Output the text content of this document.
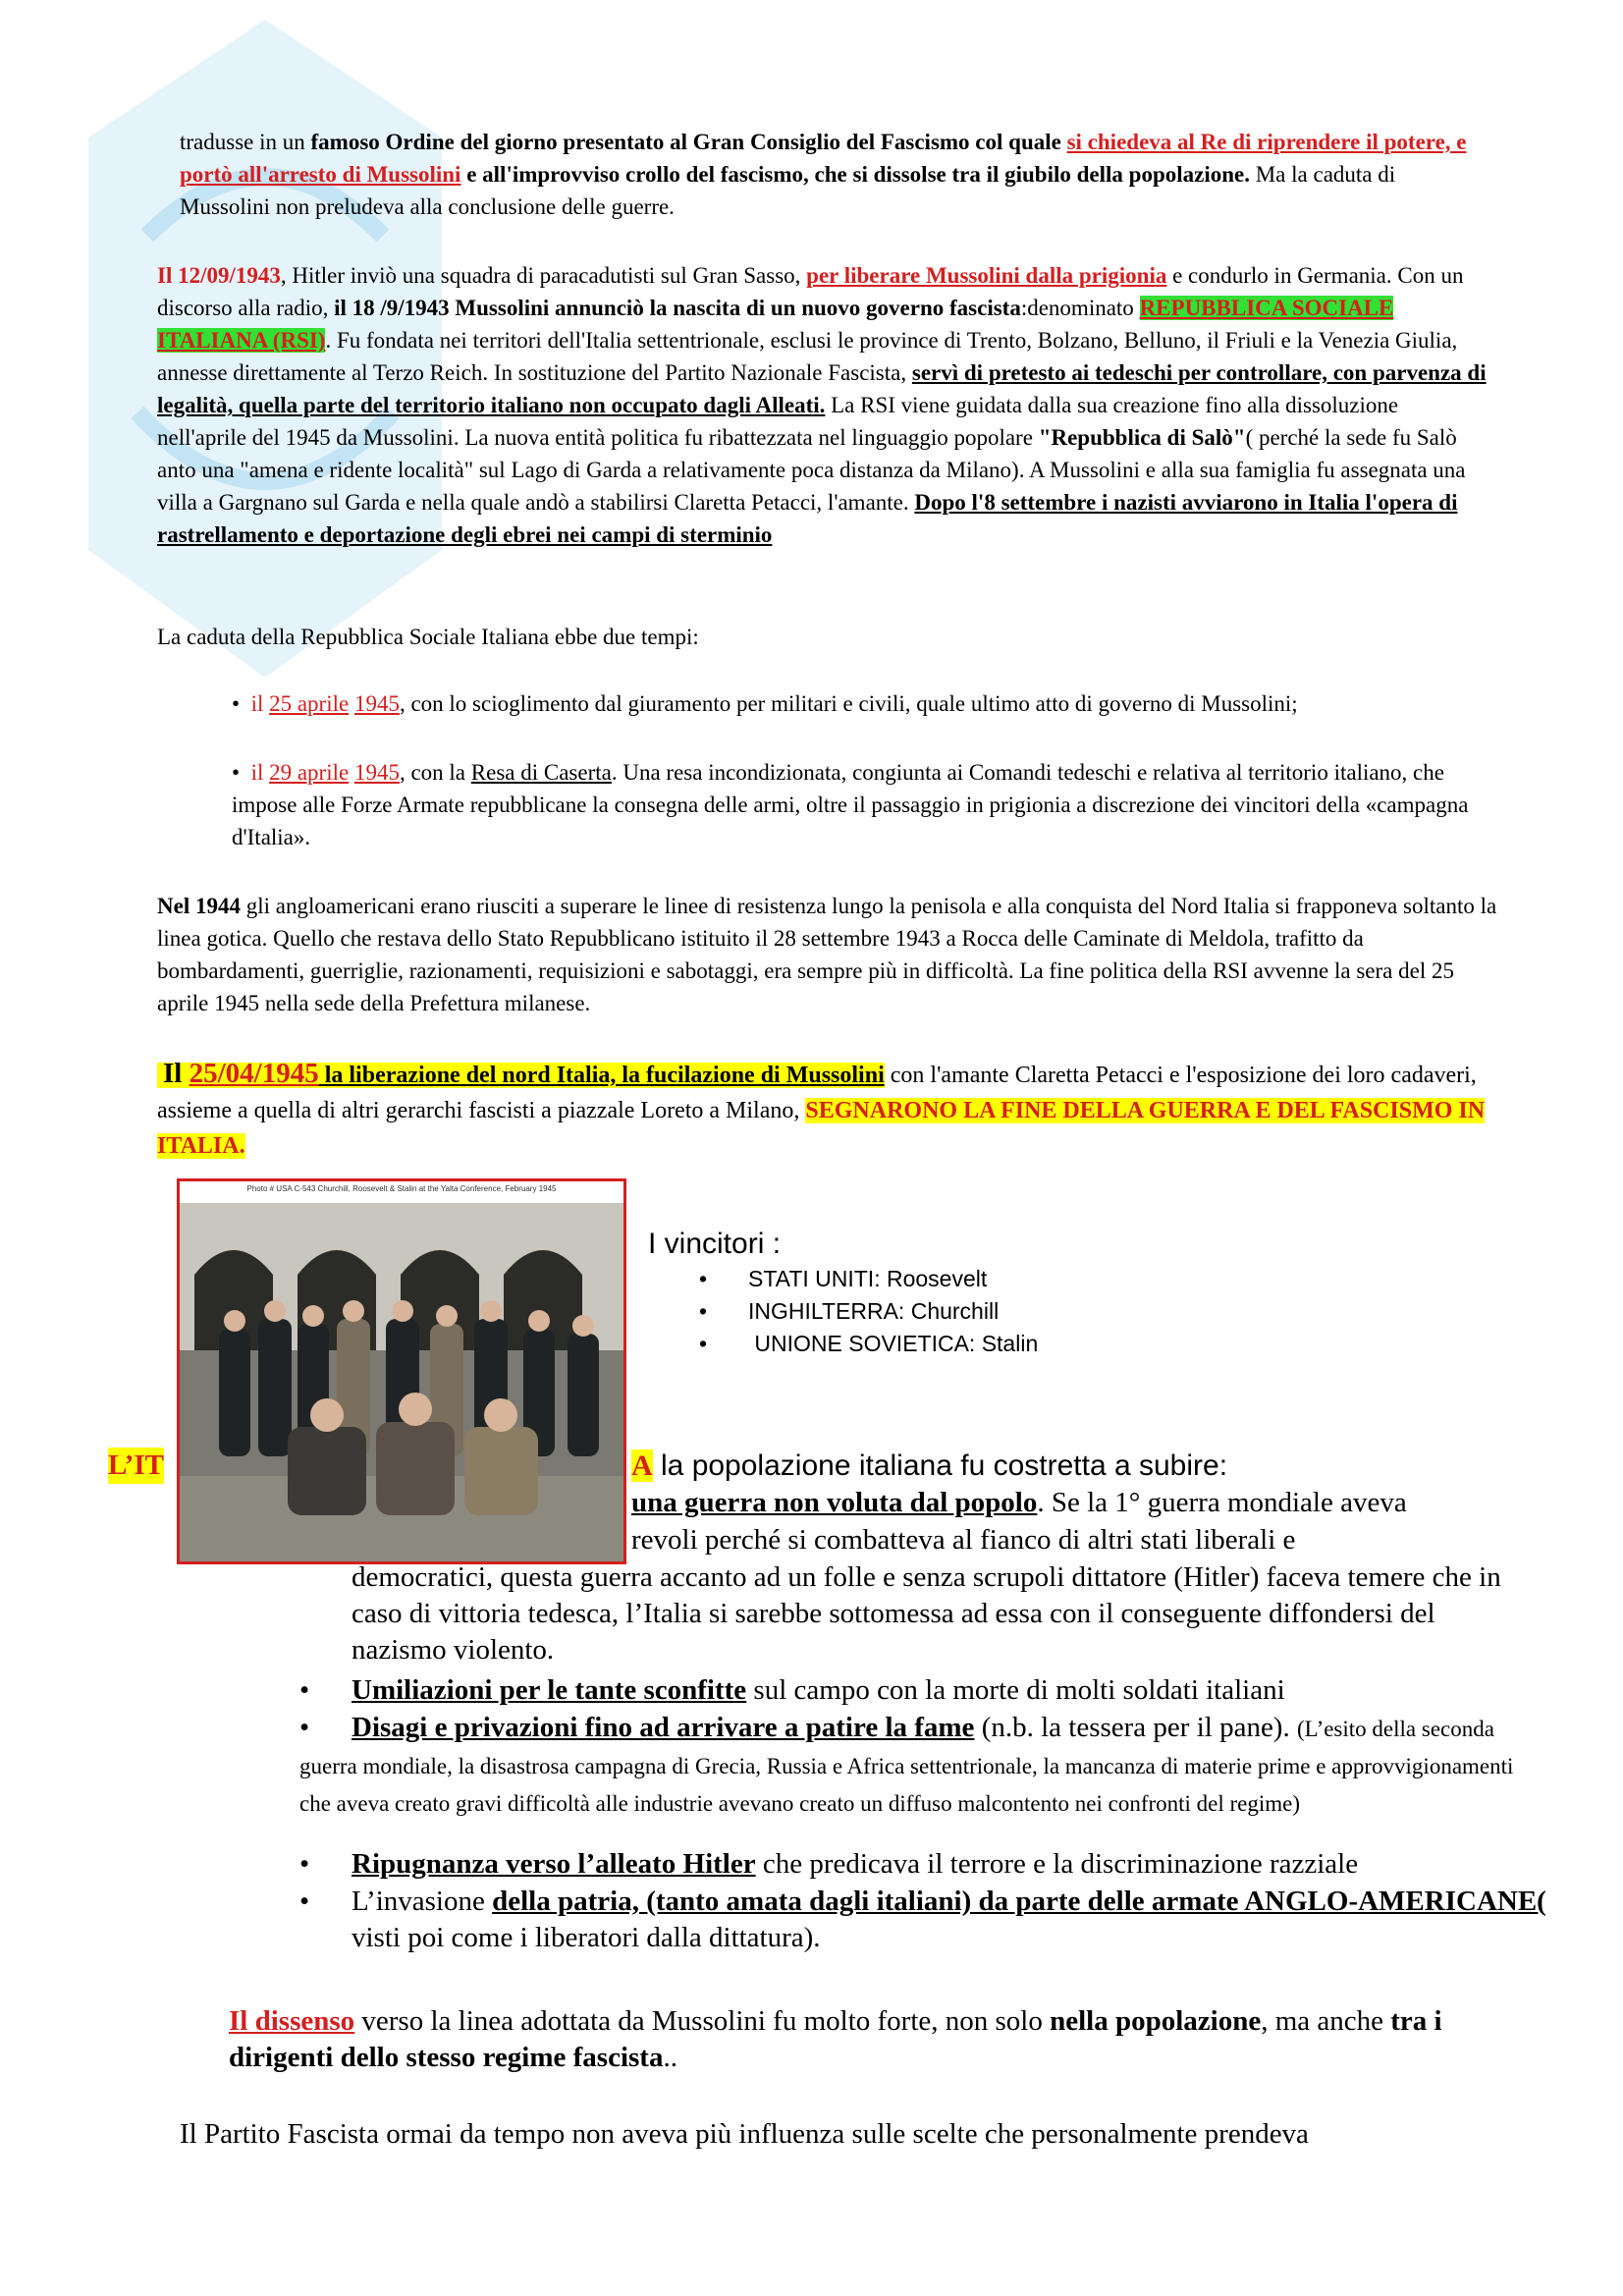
tradusse in un famoso Ordine del giorno presentato al Gran Consiglio del Fascismo col quale si chiedeva al Re di riprendere il potere, e portò all'arresto di Mussolini e all'improvviso crollo del fascismo, che si dissolse tra il giubilo della popolazione. Ma la caduta di Mussolini non preludeva alla conclusione delle guerre.
Il 12/09/1943, Hitler inviò una squadra di paracadutisti sul Gran Sasso, per liberare Mussolini dalla prigionia e condurlo in Germania. Con un discorso alla radio, il 18 /9/1943 Mussolini annunciò la nascita di un nuovo governo fascista:denominato REPUBBLICA SOCIALE ITALIANA (RSI). Fu fondata nei territori dell'Italia settentrionale, esclusi le province di Trento, Bolzano, Belluno, il Friuli e la Venezia Giulia, annesse direttamente al Terzo Reich. In sostituzione del Partito Nazionale Fascista, servì di pretesto ai tedeschi per controllare, con parvenza di legalità, quella parte del territorio italiano non occupato dagli Alleati. La RSI viene guidata dalla sua creazione fino alla dissoluzione nell'aprile del 1945 da Mussolini. La nuova entità politica fu ribattezzata nel linguaggio popolare "Repubblica di Salò"( perché la sede fu Salò anto una "amena e ridente località" sul Lago di Garda a relativamente poca distanza da Milano). A Mussolini e alla sua famiglia fu assegnata una villa a Gargnano sul Garda e nella quale andò a stabilirsi Claretta Petacci, l'amante. Dopo l'8 settembre i nazisti avviarono in Italia l'opera di rastrellamento e deportazione degli ebrei nei campi di sterminio
La caduta della Repubblica Sociale Italiana ebbe due tempi:
•  il 25 aprile 1945, con lo scioglimento dal giuramento per militari e civili, quale ultimo atto di governo di Mussolini;
•  il 29 aprile 1945, con la Resa di Caserta. Una resa incondizionata, congiunta ai Comandi tedeschi e relativa al territorio italiano, che impose alle Forze Armate repubblicane la consegna delle armi, oltre il passaggio in prigionia a discrezione dei vincitori della «campagna d'Italia».
Nel 1944 gli angloamericani erano riusciti a superare le linee di resistenza lungo la penisola e alla conquista del Nord Italia si frapponeva soltanto la linea gotica. Quello che restava dello Stato Repubblicano istituito il 28 settembre 1943 a Rocca delle Caminate di Meldola, trafitto da bombardamenti, guerriglie, razionamenti, requisizioni e sabotaggi, era sempre più in difficoltà. La fine politica della RSI avvenne la sera del 25 aprile 1945 nella sede della Prefettura milanese.
Il 25/04/1945 la liberazione del nord Italia, la fucilazione di Mussolini con l'amante Claretta Petacci e l'esposizione dei loro cadaveri, assieme a quella di altri gerarchi fascisti a piazzale Loreto a Milano, SEGNARONO LA FINE DELLA GUERRA E DEL FASCISMO IN ITALIA.
Photo # USA C-543 Churchill, Roosevelt & Stalin at the Yalta Conference, February 1945
I vincitori :
• STATI UNITI: Roosevelt
• INGHILTERRA: Churchill
• UNIONE SOVIETICA: Stalin
L’IT	A la popolazione italiana fu costretta a subire:
una guerra non voluta dal popolo. Se la 1° guerra mondiale aveva
revoli perché si combatteva al fianco di altri stati liberali e
democratici, questa guerra accanto ad un folle e senza scrupoli dittatore (Hitler) faceva temere che in caso di vittoria tedesca, l’Italia si sarebbe sottomessa ad essa con il conseguente diffondersi del nazismo violento.
• Umiliazioni per le tante sconfitte sul campo con la morte di molti soldati italiani
• Disagi e privazioni fino ad arrivare a patire la fame (n.b. la tessera per il pane). (L’esito della seconda guerra mondiale, la disastrosa campagna di Grecia, Russia e Africa settentrionale, la mancanza di materie prime e approvvigionamenti che aveva creato gravi difficoltà alle industrie avevano creato un diffuso malcontento nei confronti del regime)
• Ripugnanza verso l’alleato Hitler che predicava il terrore e la discriminazione razziale
• L’invasione della patria, (tanto amata dagli italiani) da parte delle armate ANGLO-AMERICANE( visti poi come i liberatori dalla dittatura).
Il dissenso verso la linea adottata da Mussolini fu molto forte, non solo nella popolazione, ma anche tra i dirigenti dello stesso regime fascista..
Il Partito Fascista ormai da tempo non aveva più influenza sulle scelte che personalmente prendeva
